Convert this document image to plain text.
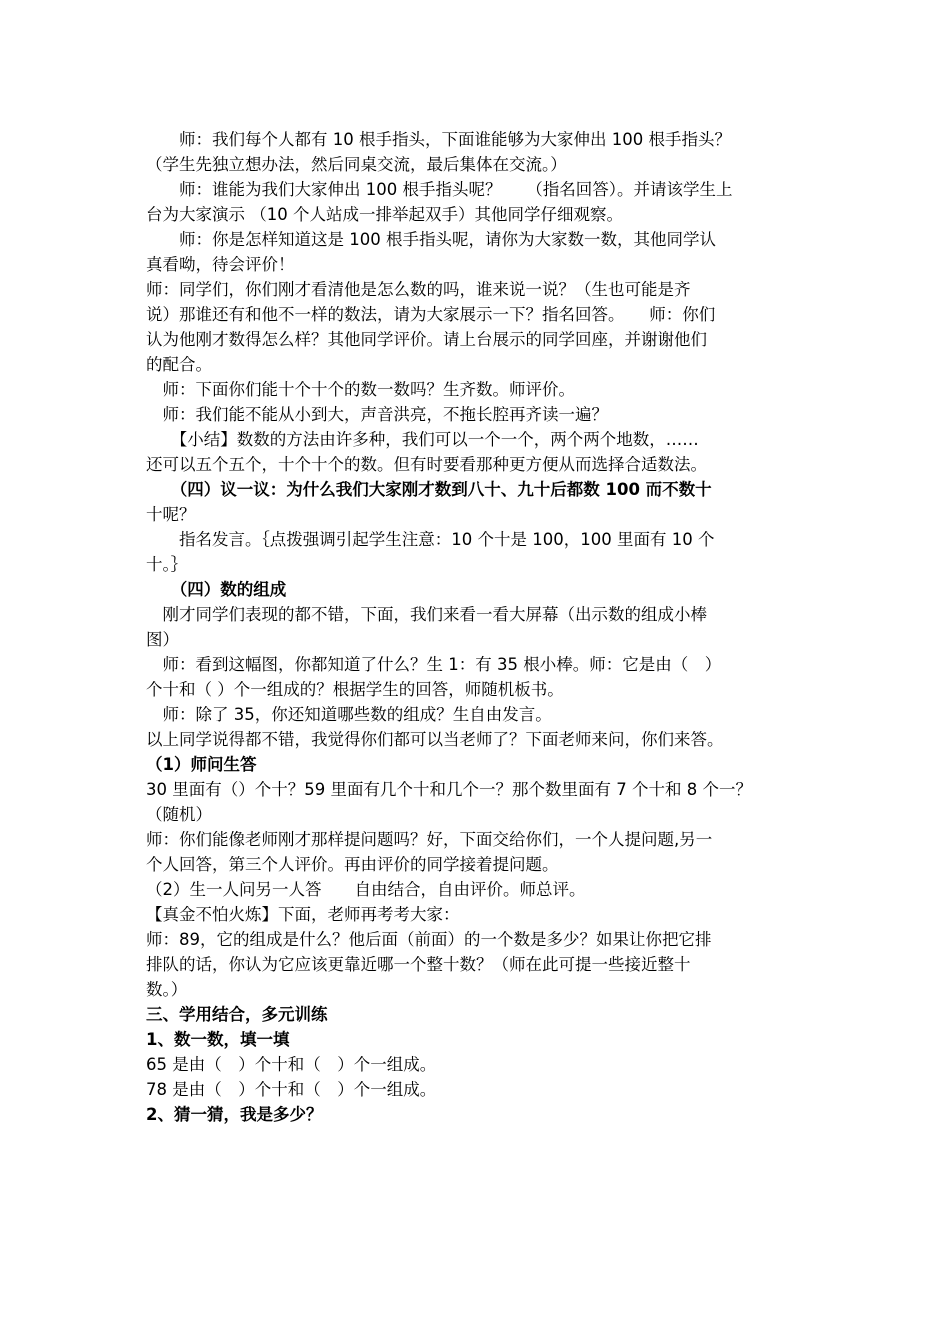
　　师：我们每个人都有 10 根手指头，下面谁能够为大家伸出 100 根手指头？
（学生先独立想办法，然后同桌交流，最后集体在交流。）
　　师：谁能为我们大家伸出 100 根手指头呢？　　（指名回答）。并请该学生上
台为大家演示 （10 个人站成一排举起双手）其他同学仔细观察。
　　师：你是怎样知道这是 100 根手指头呢，请你为大家数一数，其他同学认
真看呦，待会评价！
师：同学们，你们刚才看清他是怎么数的吗，谁来说一说？（生也可能是齐
说）那谁还有和他不一样的数法，请为大家展示一下？指名回答。　　师：你们
认为他刚才数得怎么样？其他同学评价。请上台展示的同学回座，并谢谢他们
的配合。
　师：下面你们能十个十个的数一数吗？生齐数。师评价。
　师：我们能不能从小到大，声音洪亮，不拖长腔再齐读一遍？
　　【小结】数数的方法由许多种，我们可以一个一个，两个两个地数，……
还可以五个五个，十个十个的数。但有时要看那种更方便从而选择合适数法。
　　（四）议一议：为什么我们大家刚才数到八十、九十后都数 100 而不数十
十呢？
　　指名发言。｛点拨强调引起学生注意：10 个十是 100，100 里面有 10 个
十。｝
　　（四）数的组成
　刚才同学们表现的都不错，下面，我们来看一看大屏幕（出示数的组成小棒
图）
　师：看到这幅图，你都知道了什么？生 1：有 35 根小棒。师：它是由（　）
个十和（ ）个一组成的？根据学生的回答，师随机板书。
　师：除了 35，你还知道哪些数的组成？生自由发言。
以上同学说得都不错，我觉得你们都可以当老师了？下面老师来问，你们来答。
（1）师问生答
30 里面有（）个十？59 里面有几个十和几个一？那个数里面有 7 个十和 8 个一？
（随机）
师：你们能像老师刚才那样提问题吗？好，下面交给你们，一个人提问题,另一
个人回答，第三个人评价。再由评价的同学接着提问题。
（2）生一人问另一人答　　自由结合，自由评价。师总评。
【真金不怕火炼】下面，老师再考考大家：
师：89，它的组成是什么？他后面（前面）的一个数是多少？如果让你把它排
排队的话，你认为它应该更靠近哪一个整十数？（师在此可提一些接近整十
数。）
三、学用结合，多元训练
1、数一数，填一填
65 是由（　）个十和（　）个一组成。
78 是由（　）个十和（　）个一组成。
2、猜一猜，我是多少？
